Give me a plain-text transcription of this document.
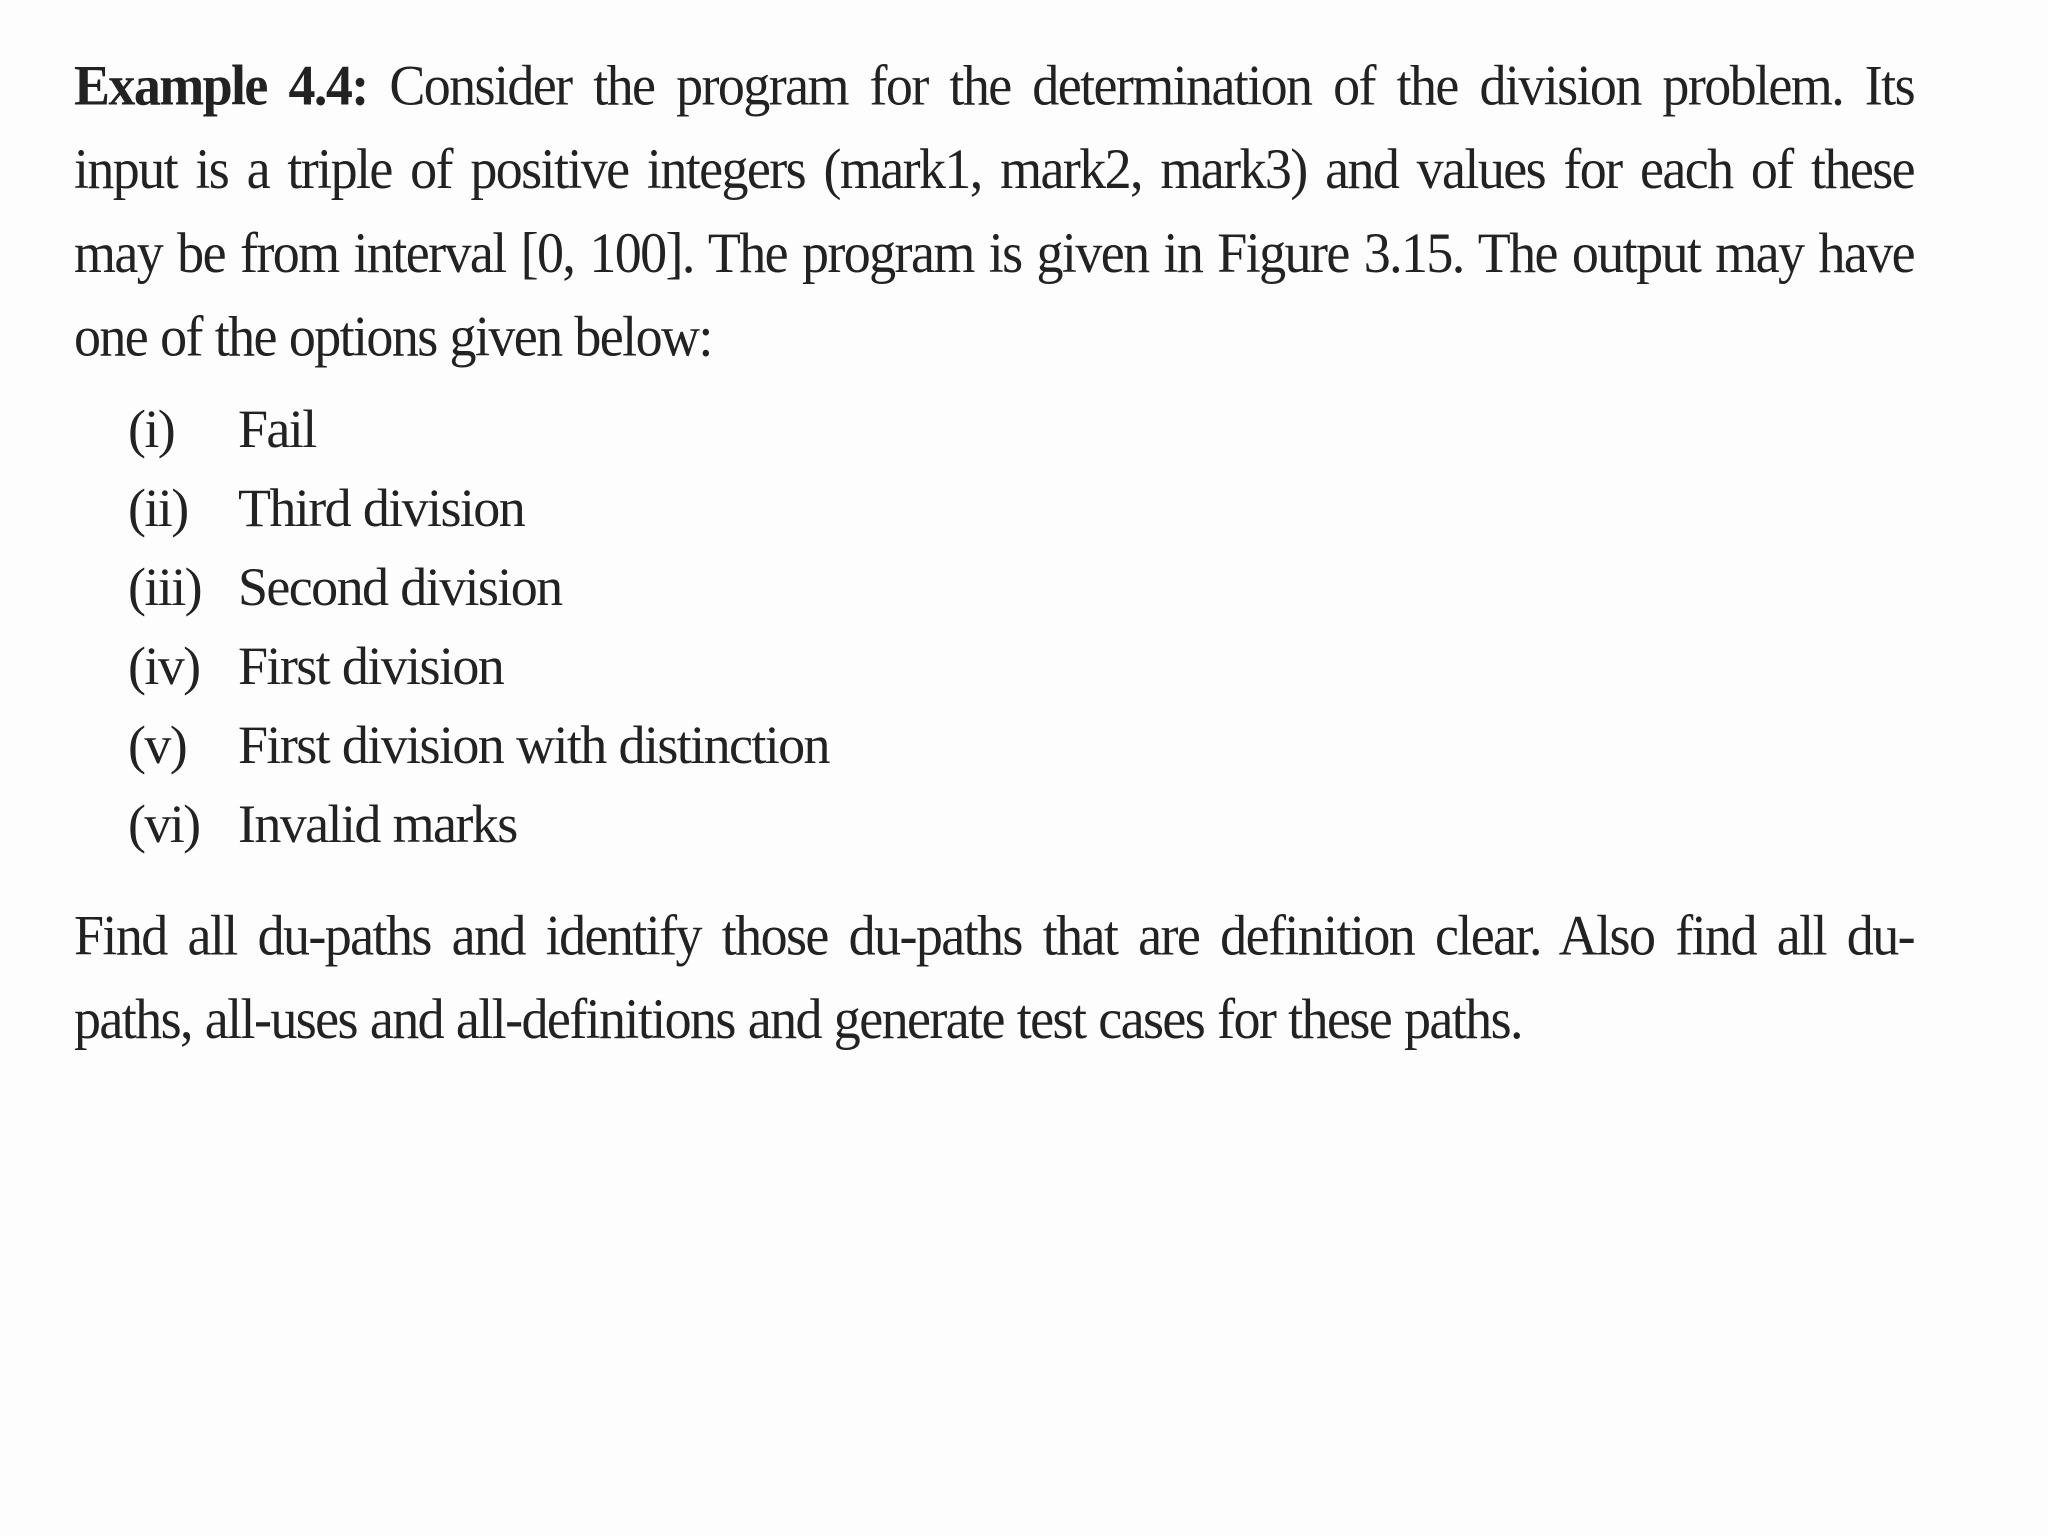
Example 4.4: Consider the program for the determination of the division problem. Its input is a triple of positive integers (mark1, mark2, mark3) and values for each of these may be from interval [0, 100]. The program is given in Figure 3.15. The output may have one of the options given below:

(i)	Fail
(ii) Third division
(iii) Second division
(iv) First division
(v) First division with distinction
(vi) Invalid marks

Find all du-paths and identify those du-paths that are definition clear. Also find all du-paths, all-uses and all-definitions and generate test cases for these paths.
